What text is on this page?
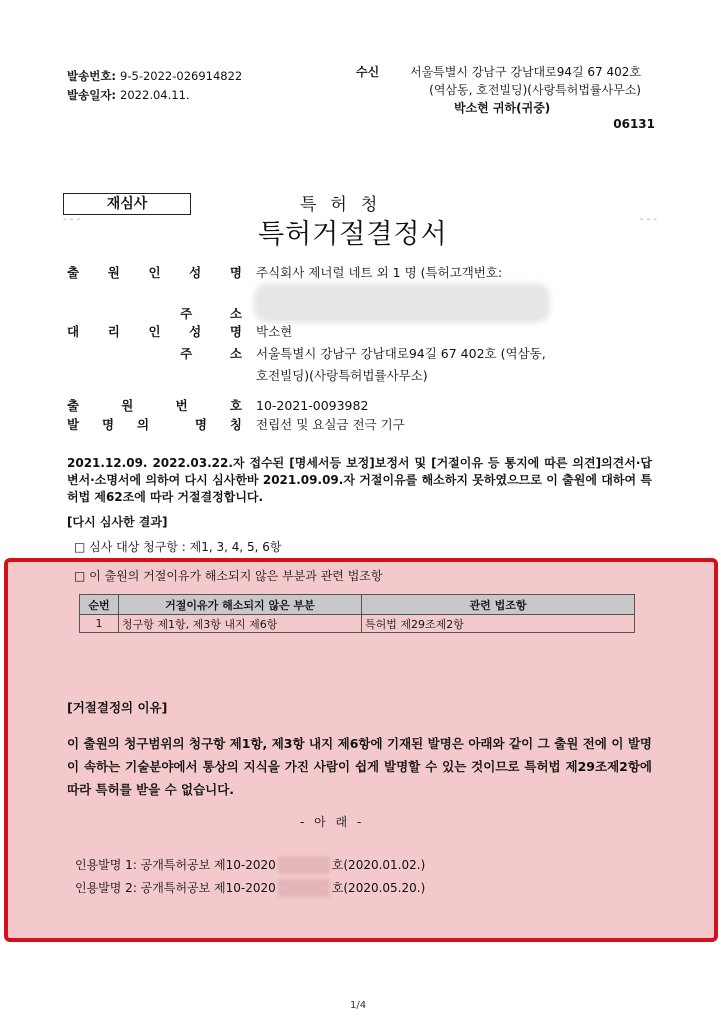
발송번호: 9-5-2022-026914822
발송일자: 2022.04.11.
수신	서울특별시 강남구 강남대로94길 67 402호
(역삼동, 호전빌딩)(사랑특허법률사무소)
박소현 귀하(귀중)
06131
재심사
- - -	- - -
특허청
특허거절결정서
출 원 인 성 명 주식회사 제너럴 네트 외 1 명 (특허고객번호:
주	소
대 리 인 성 명 박소현
주	소 서울특별시 강남구 강남대로94길 67 402호 (역삼동,
호전빌딩)(사랑특허법률사무소)
출	원	번	호 10-2021-0093982
발 명 의	명 칭 전립선 및 요실금 전극 기구
2021.12.09. 2022.03.22.자 접수된 [명세서등 보정]보정서 및 [거절이유 등 통지에 따른 의견]의견서·답변서·소명서에 의하여 다시 심사한바 2021.09.09.자 거절이유를 해소하지 못하였으므로 이 출원에 대하여 특허법 제62조에 따라 거절결정합니다.
[다시 심사한 결과]
□ 심사 대상 청구항 : 제1, 3, 4, 5, 6항
□ 이 출원의 거절이유가 해소되지 않은 부분과 관련 법조항
순번	거절이유가 해소되지 않은 부분	관련 법조항
1	청구항 제1항, 제3항 내지 제6항	특허법 제29조제2항
[거절결정의 이유]
이 출원의 청구범위의 청구항 제1항, 제3항 내지 제6항에 기재된 발명은 아래와 같이 그 출원 전에 이 발명이 속하는 기술분야에서 통상의 지식을 가진 사람이 쉽게 발명할 수 있는 것이므로 특허법 제29조제2항에 따라 특허를 받을 수 없습니다.
- 아 래 -
인용발명 1: 공개특허공보 제10-2020	호(2020.01.02.)
인용발명 2: 공개특허공보 제10-2020	호(2020.05.20.)
1/4
